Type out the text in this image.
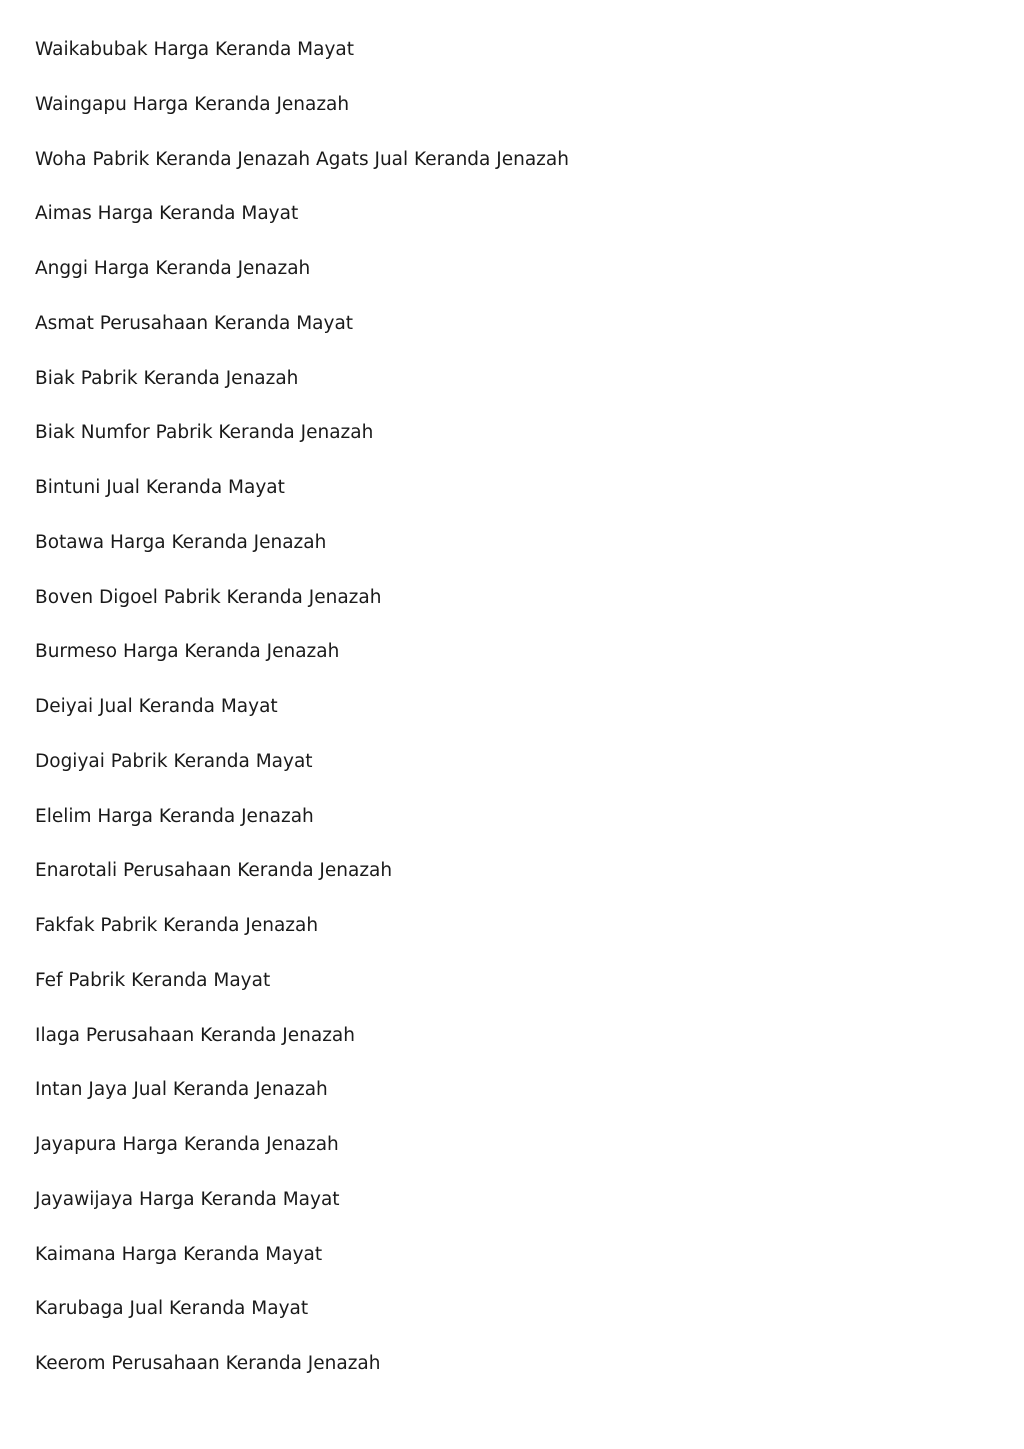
Waikabubak Harga Keranda Mayat
Waingapu Harga Keranda Jenazah
Woha Pabrik Keranda Jenazah Agats Jual Keranda Jenazah
Aimas Harga Keranda Mayat
Anggi Harga Keranda Jenazah
Asmat Perusahaan Keranda Mayat
Biak Pabrik Keranda Jenazah
Biak Numfor Pabrik Keranda Jenazah
Bintuni Jual Keranda Mayat
Botawa Harga Keranda Jenazah
Boven Digoel Pabrik Keranda Jenazah
Burmeso Harga Keranda Jenazah
Deiyai Jual Keranda Mayat
Dogiyai Pabrik Keranda Mayat
Elelim Harga Keranda Jenazah
Enarotali Perusahaan Keranda Jenazah
Fakfak Pabrik Keranda Jenazah
Fef Pabrik Keranda Mayat
Ilaga Perusahaan Keranda Jenazah
Intan Jaya Jual Keranda Jenazah
Jayapura Harga Keranda Jenazah
Jayawijaya Harga Keranda Mayat
Kaimana Harga Keranda Mayat
Karubaga Jual Keranda Mayat
Keerom Perusahaan Keranda Jenazah
